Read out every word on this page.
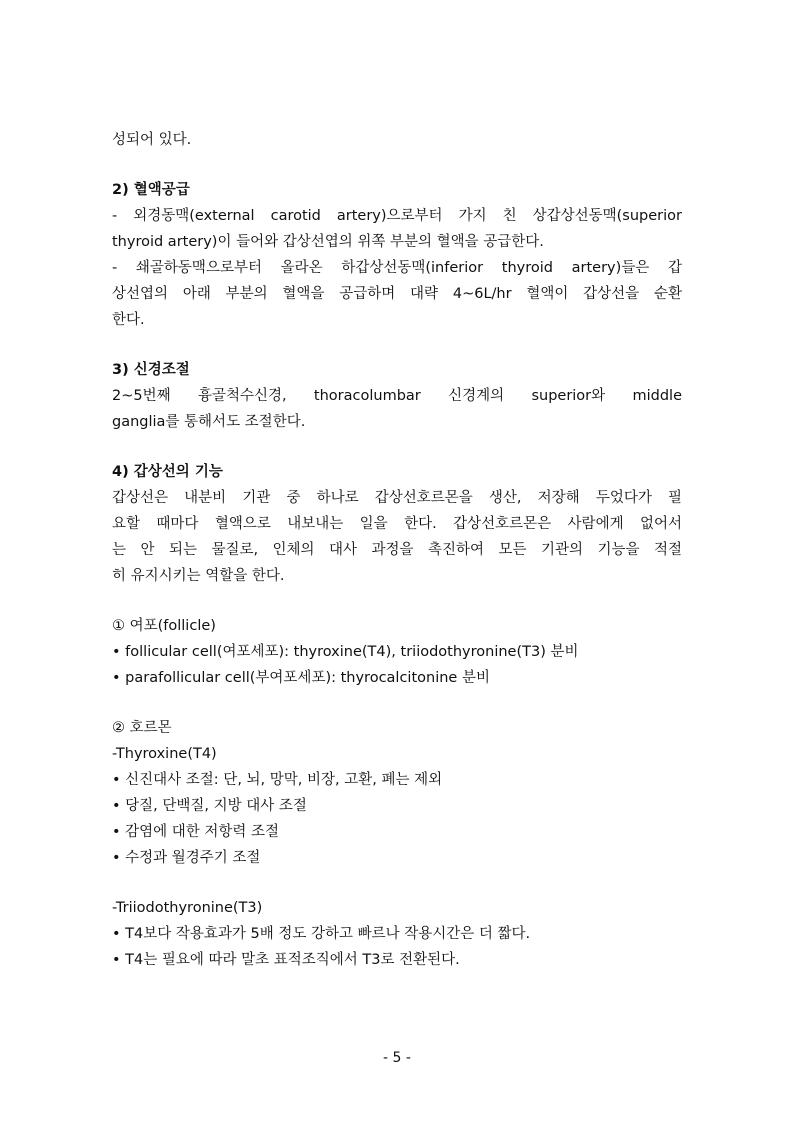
성되어 있다.
2) 혈액공급
- 외경동맥(external carotid artery)으로부터 가지 친 상갑상선동맥(superior
thyroid artery)이 들어와 갑상선엽의 위쪽 부분의 혈액을 공급한다.
- 쇄골하동맥으로부터 올라온 하갑상선동맥(inferior thyroid artery)들은 갑
상선엽의 아래 부분의 혈액을 공급하며 대략 4~6L/hr 혈액이 갑상선을 순환
한다.
3) 신경조절
2~5번째 흉골척수신경, thoracolumbar 신경계의 superior와 middle
ganglia를 통해서도 조절한다.
4) 갑상선의 기능
갑상선은 내분비 기관 중 하나로 갑상선호르몬을 생산, 저장해 두었다가 필
요할 때마다 혈액으로 내보내는 일을 한다. 갑상선호르몬은 사람에게 없어서
는 안 되는 물질로, 인체의 대사 과정을 촉진하여 모든 기관의 기능을 적절
히 유지시키는 역할을 한다.
① 여포(follicle)
• follicular cell(여포세포): thyroxine(T4), triiodothyronine(T3) 분비
• parafollicular cell(부여포세포): thyrocalcitonine 분비
② 호르몬
-Thyroxine(T4)
• 신진대사 조절: 단, 뇌, 망막, 비장, 고환, 폐는 제외
• 당질, 단백질, 지방 대사 조절
• 감염에 대한 저항력 조절
• 수정과 월경주기 조절
-Triiodothyronine(T3)
• T4보다 작용효과가 5배 정도 강하고 빠르나 작용시간은 더 짧다.
• T4는 필요에 따라 말초 표적조직에서 T3로 전환된다.
- 5 -
